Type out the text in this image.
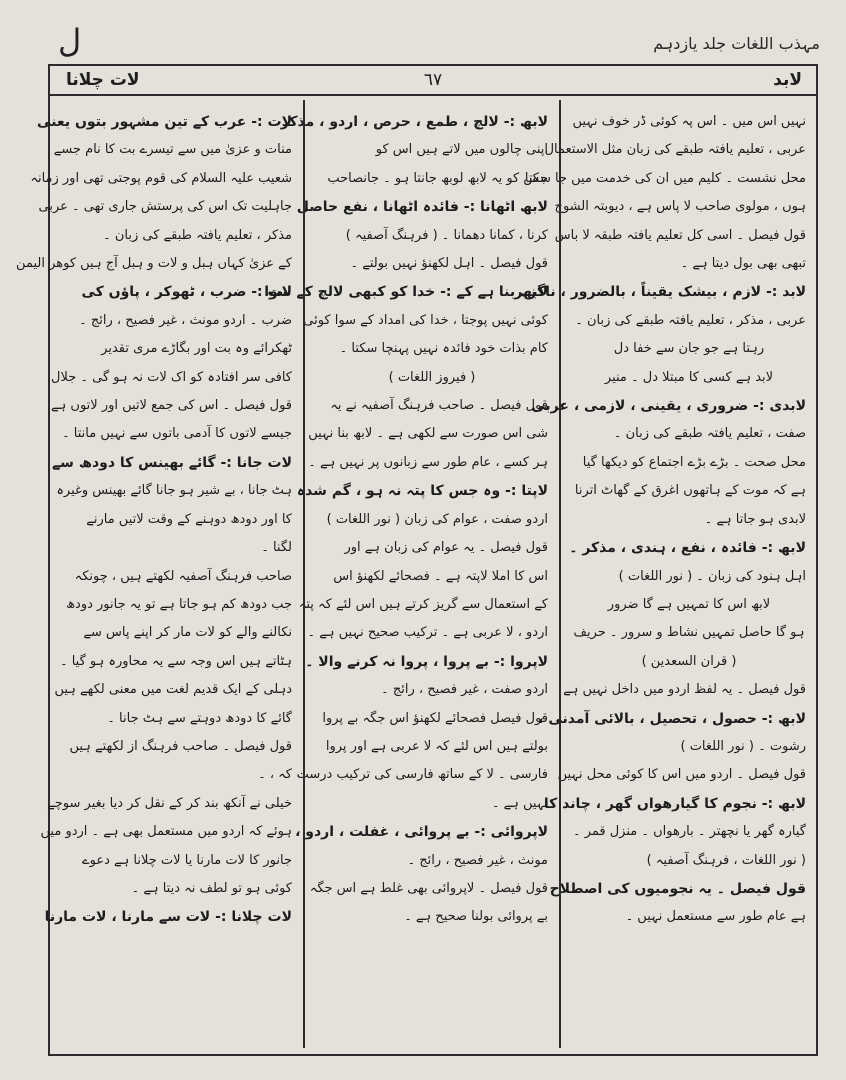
مہذب اللغات جلد یازدہم
ل
لابد
٦٧
لات چلانا
نہیں اس میں ۔ اس پہ کوئی ڈر خوف نہیں
عربی ، تعلیم یافتہ طبقے کی زبان مثل الاستعمال
محل نشست ۔ کلیم میں ان کی خدمت میں جا سکتا
ہوں ، مولوی صاحب لا پاس ہے ، دیوبتہ الشوح
قول فیصل ۔ اسی کل تعلیم یافتہ طبقہ لا باس
تبھی بھی بول دیتا ہے ۔
لابد :- لازم ، بیشک یقیناً ، بالضرور ، ناگزیر
عربی ، مذکر ، تعلیم یافتہ طبقے کی زبان ۔
رہتا ہے جو جان سے خفا دل
لابد ہے کسی کا مبتلا دل ۔ منیر
لابدی :- ضروری ، یقینی ، لازمی ، عربی
صفت ، تعلیم یافتہ طبقے کی زبان ۔
محل صحت ۔ بڑے بڑے اجتماع کو دیکھا گیا
ہے کہ موت کے ہاتھوں اغرق کے گھاٹ اترنا
لابدی ہو جاتا ہے ۔
لابھ :- فائدہ ، نفع ، ہندی ، مذکر ۔
اہل ہنود کی زبان ۔ ( نور اللغات )
لابھ اس کا تمہیں ہے گا ضرور
ہو گا حاصل تمہیں نشاط و سرور ۔ حریف
( قران السعدین )
قول فیصل ۔ یہ لفظ اردو میں داخل نہیں ہے
لابھ :- حصول ، تحصیل ، بالائی آمدنی ،
رشوت ۔ ( نور اللغات )
قول فیصل ۔ اردو میں اس کا کوئی محل نہیں
لابھ :- نجوم کا گیارھواں گھر ، چاند کا
گیارہ گھر یا نچھتر ۔ بارھواں ۔ منزل قمر ۔
( نور اللغات ، فرہنگ آصفیہ )
قول فیصل ۔ یہ نجومیوں کی اصطلاح
ہے عام طور سے مستعمل نہیں ۔
لابھ :- لالچ ، طمع ، حرص ، اردو ، مذکر
اپنی چالوں میں لاتے ہیں اس کو
جس کو یہ لابھ لوبھ جانتا ہو ۔ جانصاحب
لابھ اٹھانا :- فائدہ اٹھانا ، نفع حاصل
کرنا ، کمانا دھمانا ۔ ( فرہنگ آصفیہ )
قول فیصل ۔ اہل لکھنؤ نہیں بولتے ۔
لابھ بنا ہے کے :- خدا کو کبھی لالچ کے سوا
کوئی نہیں پوجتا ، خدا کی امداد کے سوا کوئی
کام بذات خود فائدہ نہیں پہنچا سکتا ۔
( فیروز اللغات )
قول فیصل ۔ صاحب فرہنگ آصفیہ نے یہ
شی اس صورت سے لکھی ہے ۔ لابھ بنا نہیں
ہر کسے ، عام طور سے زبانوں پر نہیں ہے ۔
لاپتا :- وہ جس کا پتہ نہ ہو ، گم شدہ
اردو صفت ، عوام کی زبان ( نور اللغات )
قول فیصل ۔ یہ عوام کی زبان ہے اور
اس کا املا لاپتہ ہے ۔ فصحائے لکھنؤ اس
کے استعمال سے گریز کرتے ہیں اس لئے کہ پتہ
اردو ، لا عربی ہے ۔ ترکیب صحیح نہیں ہے ۔
لاپروا :- بے پروا ، پروا نہ کرنے والا ۔
اردو صفت ، غیر فصیح ، رائج ۔
قول فیصل فصحائے لکھنؤ اس جگہ بے پروا
بولتے ہیں اس لئے کہ لا عربی ہے اور پروا
فارسی ۔ لا کے ساتھ فارسی کی ترکیب درست
نہیں ہے ۔
لاپروائی :- بے پروائی ، غفلت ، اردو ،
مونث ، غیر فصیح ، رائج ۔
قول فیصل ۔ لاپروائی بھی غلط ہے اس جگہ
بے پروائی بولنا صحیح ہے ۔
لات :- عرب کے تین مشہور بتوں یعنی
منات و عزیٰ میں سے تیسرے بت کا نام جسے
شعیب علیہ السلام کی قوم پوجتی تھی اور زمانہ
جاہلیت تک اس کی پرستش جاری تھی ۔ عربی
مذکر ، تعلیم یافتہ طبقے کی زبان ۔
کے عزیٰ کہاں ہبل و لات و ہبل آج ہیں کوھر الیمن
لات :- ضرب ، ٹھوکر ، پاؤں کی
ضرب ۔ اردو مونث ، غیر فصیح ، رائج ۔
ٹھکرائے وہ بت اور بگاڑے مری تقدیر
کافی سر افتادہ کو اک لات نہ ہو گی ۔ جلال
قول فیصل ۔ اس کی جمع لاتیں اور لاتوں ہے
جیسے لاتوں کا آدمی باتوں سے نہیں مانتا ۔
لات جانا :- گائے بھینس کا دودھ سے
ہٹ جانا ، بے شیر ہو جانا گائے بھینس وغیرہ
کا اور دودھ دوہنے کے وقت لاتیں مارنے
لگنا ۔
صاحب فرہنگ آصفیہ لکھتے ہیں ، چونکہ
جب دودھ کم ہو جاتا ہے تو یہ جانور دودھ
نکالنے والے کو لات مار کر اپنے پاس سے
ہٹاتے ہیں اس وجہ سے یہ محاورہ ہو گیا ۔
دہلی کے ایک قدیم لغت میں معنی لکھے ہیں
گائے کا دودھ دوہتے سے ہٹ جانا ۔
قول فیصل ۔ صاحب فرہنگ از لکھتے ہیں
کہ ، ۔
خیلی نے آنکھ بند کر کے نقل کر دیا بغیر سوچے
ہوئے کہ اردو میں مستعمل بھی ہے ۔ اردو میں
جانور کا لات مارنا یا لات چلانا ہے دعوے
کوئی ہو تو لطف نہ دیتا ہے ۔
لات چلانا :- لات سے مارنا ، لات مارنا
